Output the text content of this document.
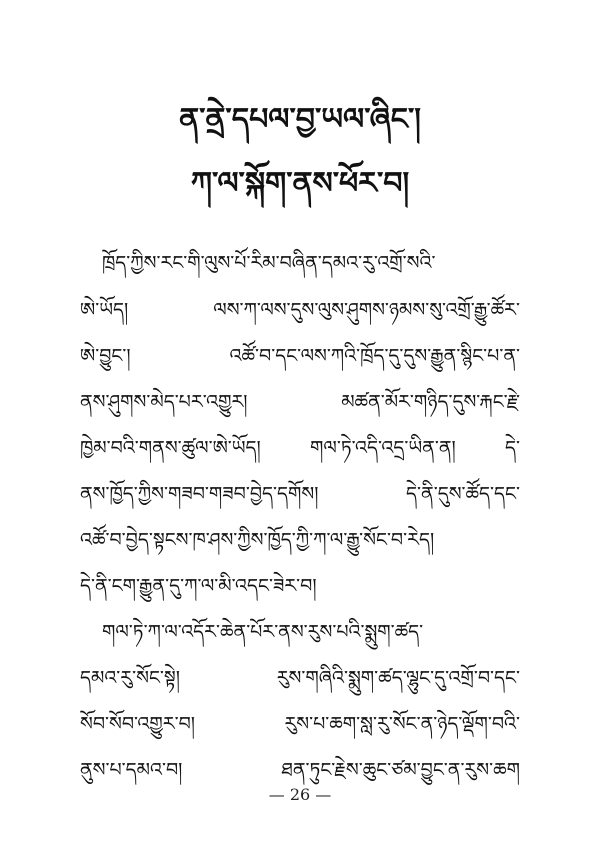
ན་ནྲེ་དཔལ་བྱ་ཡལ་ཞིང་།
ཀ་ལ་སྐོག་ནས་ཕོར་བ།
ཁྲོད་ཀྱིས་རང་གི་ལུས་པོ་རིམ་བཞིན་དམའ་རུ་འགྲོ་སའི་
ཨེ་ཡོད། ལས་ཀ་ལས་དུས་ལུས་ཤུགས་ཉམས་སུ་འགྲོ་རྒྱུ་ཚོར་
ཨེ་བྱུང་། འཚོ་བ་དང་ལས་ཀའི་ཁྲོད་དུ་དུས་རྒྱུན་སྙིང་པ་ན་
ནས་ཤུགས་མེད་པར་འགྱུར། མཚན་མོར་གཉིད་དུས་རྐང་རྗེ་
ཁྱེམ་བའི་གནས་ཚུལ་ཨེ་ཡོད། གལ་ཏེ་འདི་འདྲ་ཡིན་ན། དེ་
ནས་ཁྱོད་ཀྱིས་གཟབ་གཟབ་བྱེད་དགོས། དེ་ནི་དུས་ཚོད་དང་
འཚོ་བ་བྱེད་སྟངས་ཁ་ཤས་ཀྱིས་ཁྱོད་ཀྱི་ཀ་ལ་རྒྱུ་སོང་བ་རེད།
དེ་ནི་ངག་རྒྱུན་དུ་ཀ་ལ་མི་འདང་ཟེར་བ།
གལ་ཏེ་ཀ་ལ་འདོར་ཆེན་པོར་ནས་རུས་པའི་སྨུག་ཚད་
དམའ་རུ་སོང་སྟེ། རུས་གཞིའི་སྨུག་ཚད་ལྷུང་དུ་འགྲོ་བ་དང་
སོབ་སོབ་འགྱུར་བ། རུས་པ་ཆག་སླ་རུ་སོང་ན་ཉེད་ལྡོག་བའི་
ནུས་པ་དམའ་བ། ཐན་ཏུང་རྗེས་ཆུང་ཙམ་བྱུང་ན་རུས་ཆག
— 26 —
